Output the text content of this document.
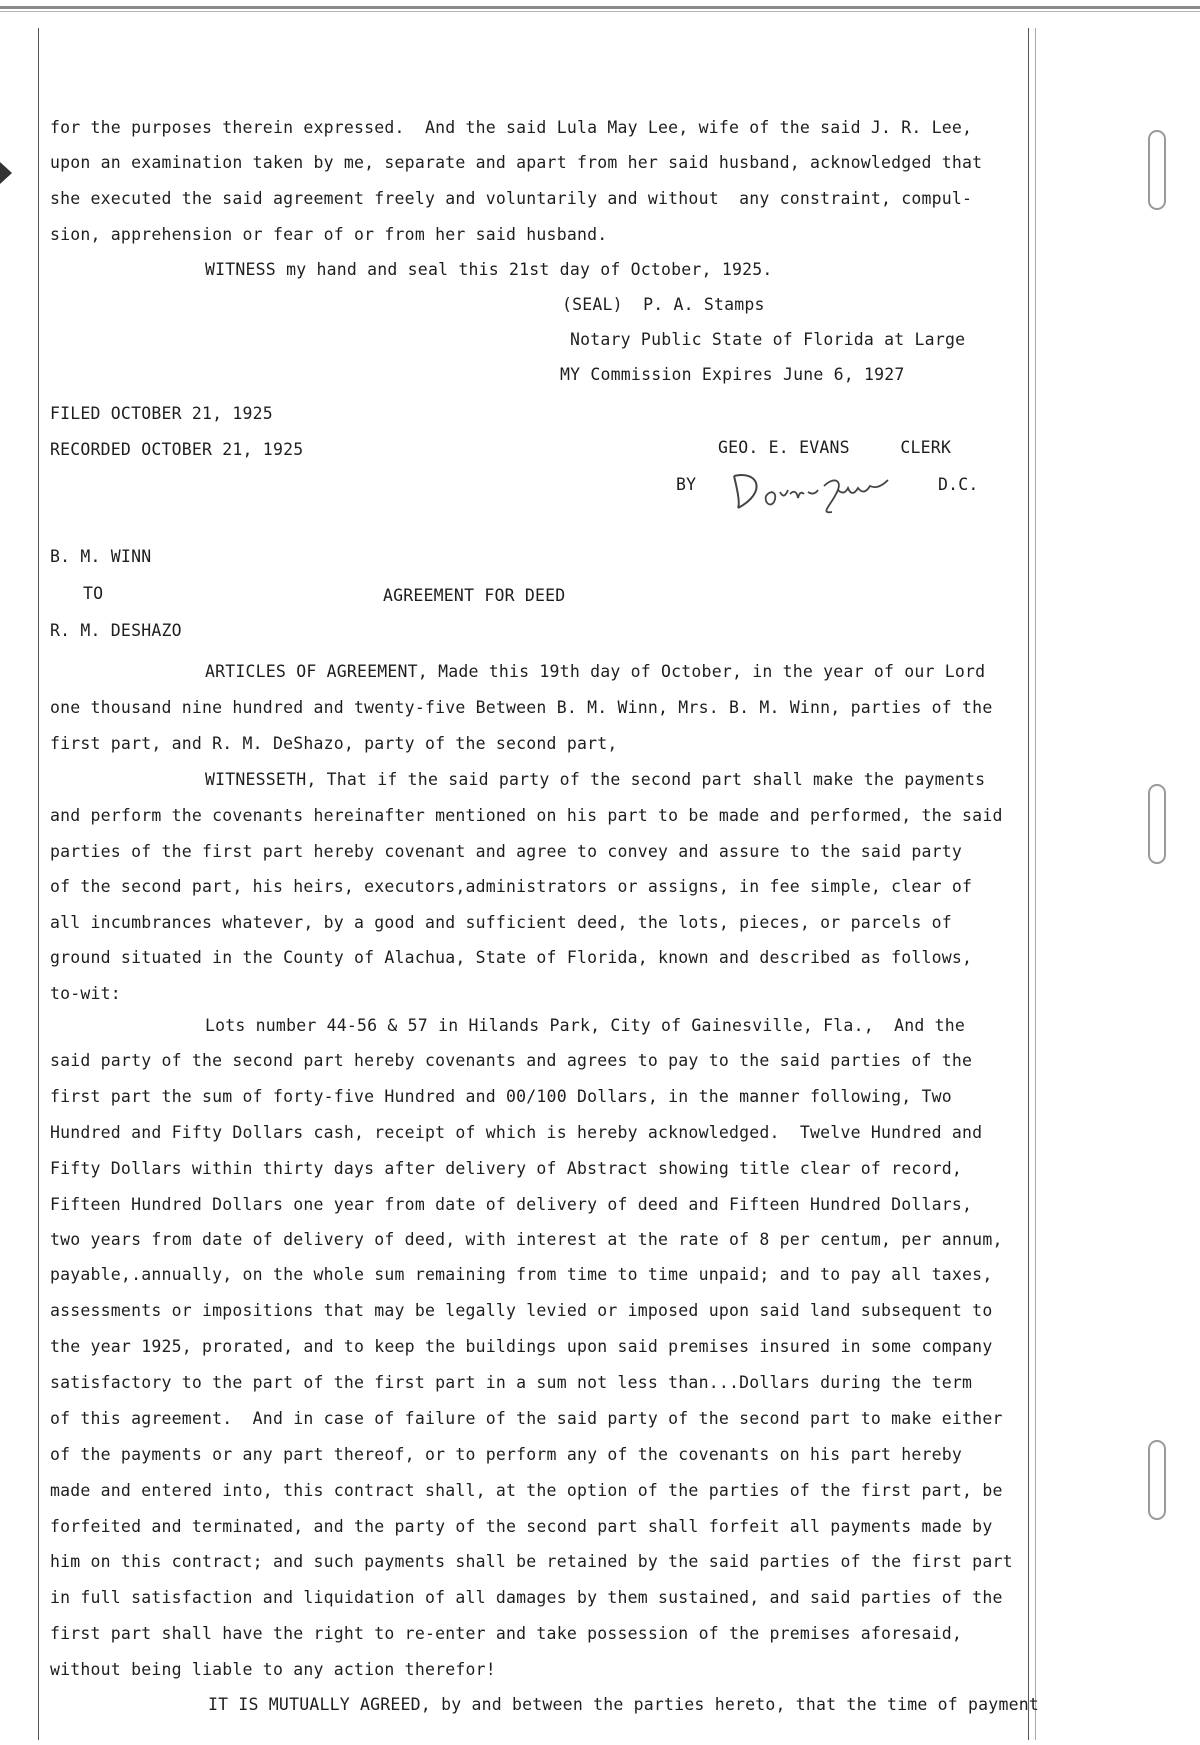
for the purposes therein expressed.  And the said Lula May Lee, wife of the said J. R. Lee,
upon an examination taken by me, separate and apart from her said husband, acknowledged that
she executed the said agreement freely and voluntarily and without  any constraint, compul-
sion, apprehension or fear of or from her said husband.
WITNESS my hand and seal this 21st day of October, 1925.
(SEAL)  P. A. Stamps
Notary Public State of Florida at Large
MY Commission Expires June 6, 1927
FILED OCTOBER 21, 1925
RECORDED OCTOBER 21, 1925	GEO. E. EVANS     CLERK
BY	D.C.
B. M. WINN
TO	AGREEMENT FOR DEED
R. M. DESHAZO
ARTICLES OF AGREEMENT, Made this 19th day of October, in the year of our Lord
one thousand nine hundred and twenty-five Between B. M. Winn, Mrs. B. M. Winn, parties of the
first part, and R. M. DeShazo, party of the second part,
WITNESSETH, That if the said party of the second part shall make the payments
and perform the covenants hereinafter mentioned on his part to be made and performed, the said
parties of the first part hereby covenant and agree to convey and assure to the said party
of the second part, his heirs, executors,administrators or assigns, in fee simple, clear of
all incumbrances whatever, by a good and sufficient deed, the lots, pieces, or parcels of
ground situated in the County of Alachua, State of Florida, known and described as follows,
to-wit:
Lots number 44-56 & 57 in Hilands Park, City of Gainesville, Fla.,  And the
said party of the second part hereby covenants and agrees to pay to the said parties of the
first part the sum of forty-five Hundred and 00/100 Dollars, in the manner following, Two
Hundred and Fifty Dollars cash, receipt of which is hereby acknowledged.  Twelve Hundred and
Fifty Dollars within thirty days after delivery of Abstract showing title clear of record,
Fifteen Hundred Dollars one year from date of delivery of deed and Fifteen Hundred Dollars,
two years from date of delivery of deed, with interest at the rate of 8 per centum, per annum,
payable,.annually, on the whole sum remaining from time to time unpaid; and to pay all taxes,
assessments or impositions that may be legally levied or imposed upon said land subsequent to
the year 1925, prorated, and to keep the buildings upon said premises insured in some company
satisfactory to the part of the first part in a sum not less than...Dollars during the term
of this agreement.  And in case of failure of the said party of the second part to make either
of the payments or any part thereof, or to perform any of the covenants on his part hereby
made and entered into, this contract shall, at the option of the parties of the first part, be
forfeited and terminated, and the party of the second part shall forfeit all payments made by
him on this contract; and such payments shall be retained by the said parties of the first part
in full satisfaction and liquidation of all damages by them sustained, and said parties of the
first part shall have the right to re-enter and take possession of the premises aforesaid,
without being liable to any action therefor!
IT IS MUTUALLY AGREED, by and between the parties hereto, that the time of payment
